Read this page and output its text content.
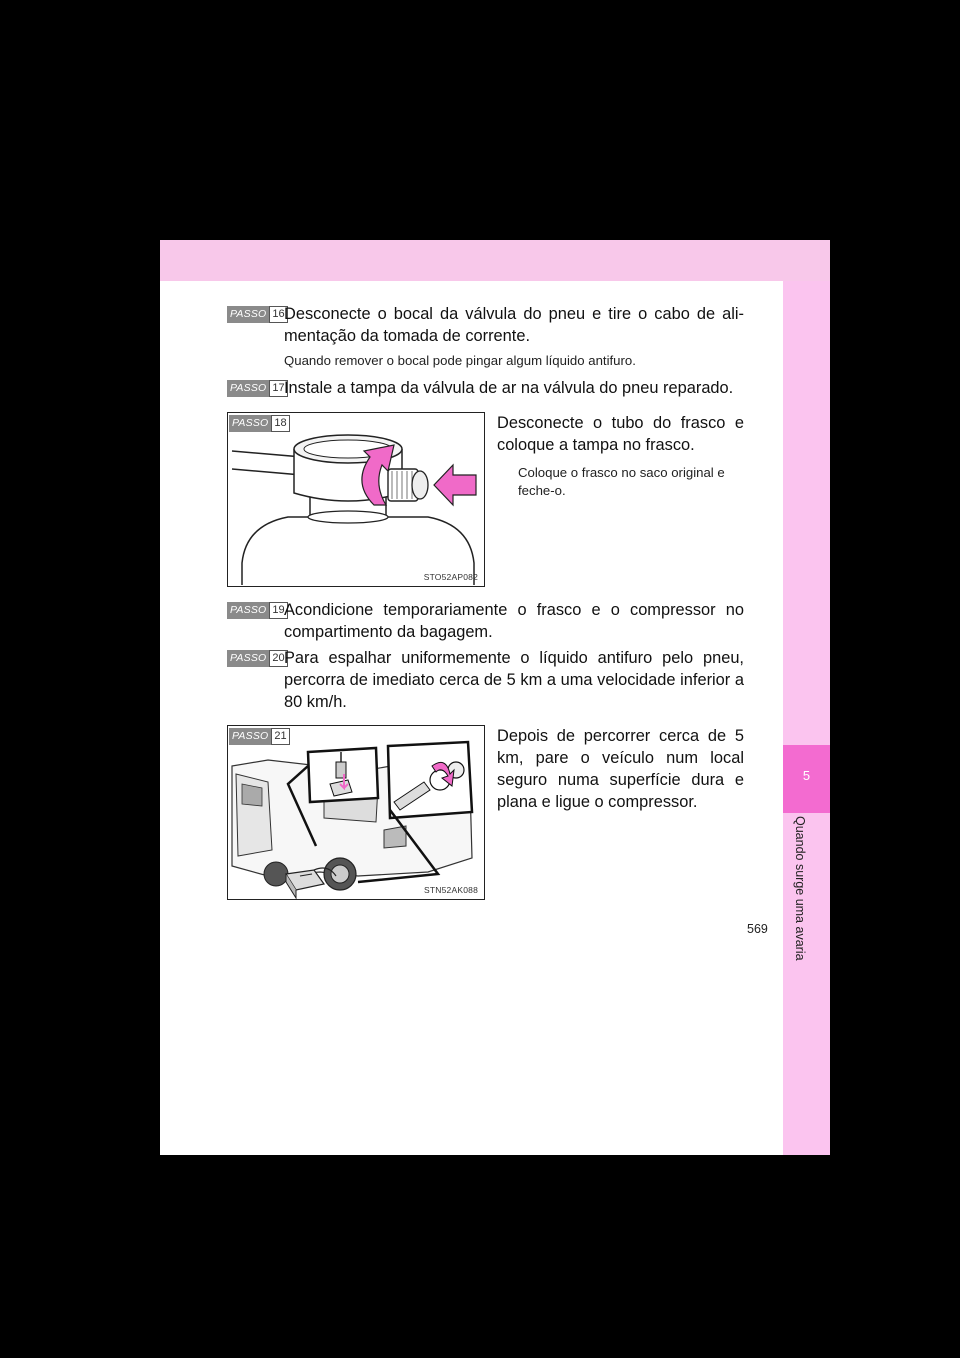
5
Quando surge uma avaria
569
PASSO 16 Desconecte o bocal da válvula do pneu e tire o cabo de ali-mentação da tomada de corrente.
Quando remover o bocal pode pingar algum líquido antifuro.
PASSO 17 Instale a tampa da válvula de ar na válvula do pneu reparado.
PASSO 18
STO52AP082
Desconecte o tubo do frasco e coloque a tampa no frasco.
Coloque o frasco no saco original e feche-o.
PASSO 19 Acondicione temporariamente o frasco e o compressor no compartimento da bagagem.
PASSO 20 Para espalhar uniformemente o líquido antifuro pelo pneu, percorra de imediato cerca de 5 km a uma velocidade inferior a 80 km/h.
PASSO 21
STN52AK088
Depois de percorrer cerca de 5 km, pare o veículo num local seguro numa superfície dura e plana e ligue o compressor.
